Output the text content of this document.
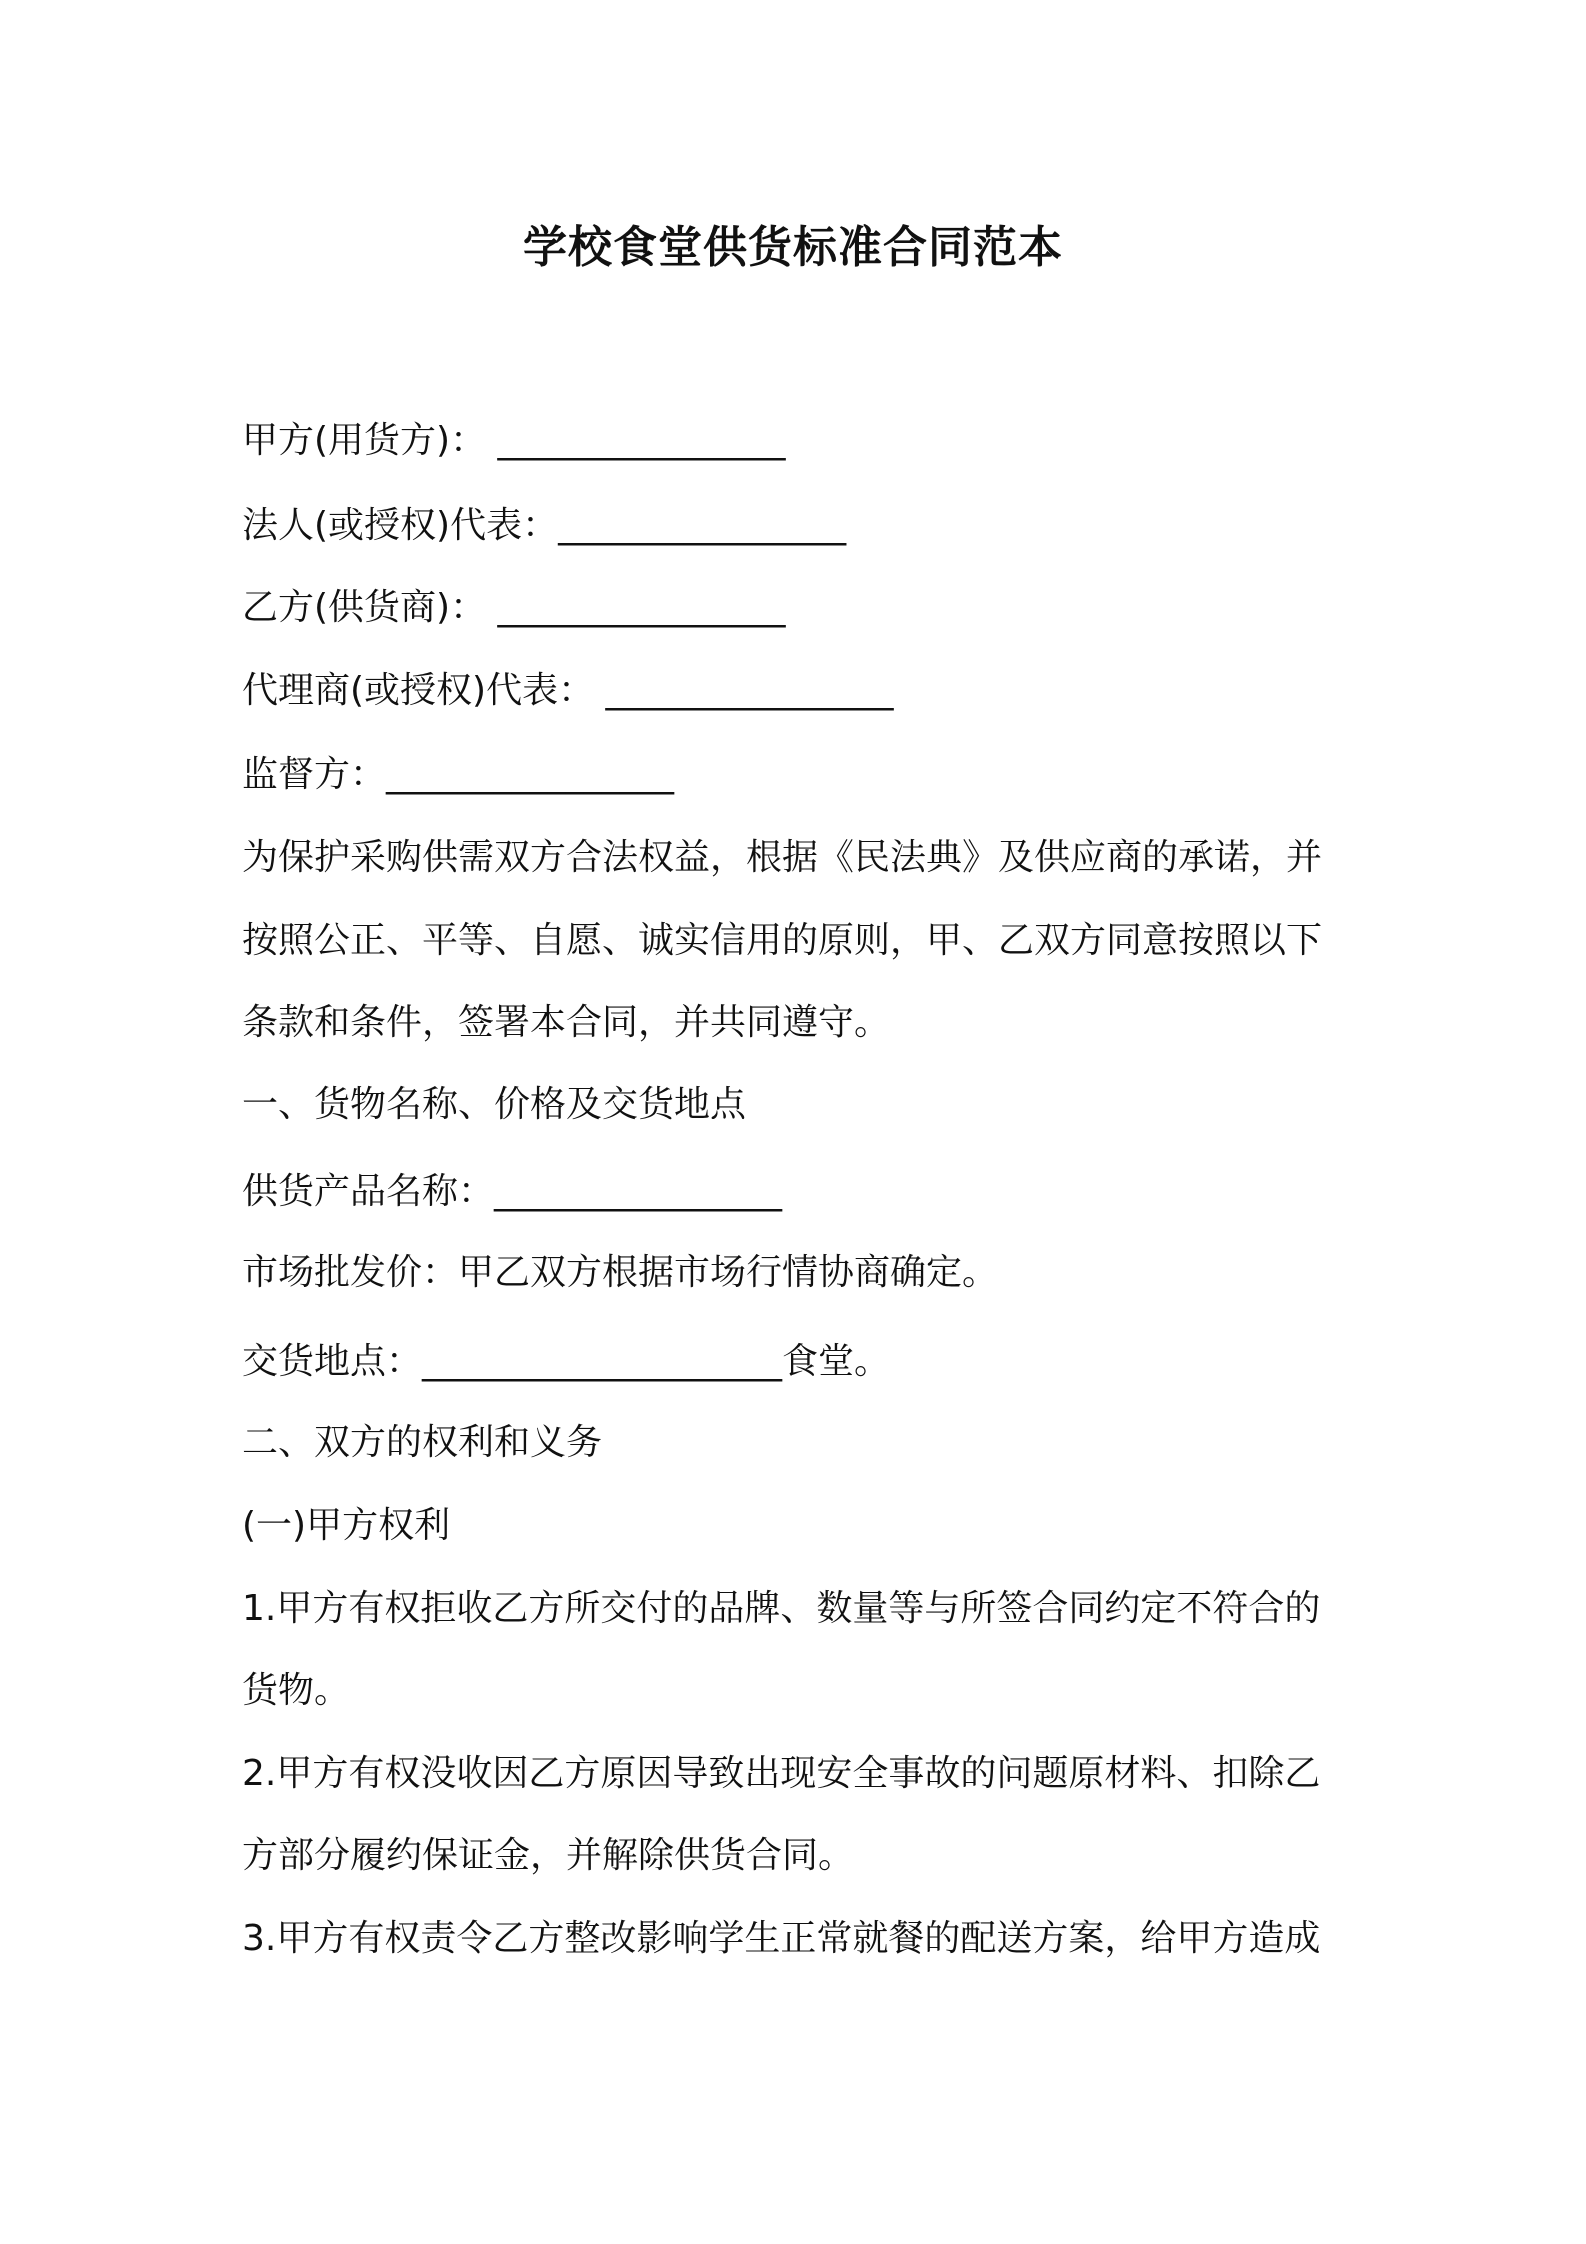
学校食堂供货标准合同范本
甲方(用货方)： ________________
法人(或授权)代表：________________
乙方(供货商)： ________________
代理商(或授权)代表： ________________
监督方：________________
为保护采购供需双方合法权益，根据《民法典》及供应商的承诺，并
按照公正、平等、自愿、诚实信用的原则，甲、乙双方同意按照以下
条款和条件，签署本合同，并共同遵守。
一、货物名称、价格及交货地点
供货产品名称：________________
市场批发价：甲乙双方根据市场行情协商确定。
交货地点：____________________食堂。
二、双方的权利和义务
(一)甲方权利
1.甲方有权拒收乙方所交付的品牌、数量等与所签合同约定不符合的
货物。
2.甲方有权没收因乙方原因导致出现安全事故的问题原材料、扣除乙
方部分履约保证金，并解除供货合同。
3.甲方有权责令乙方整改影响学生正常就餐的配送方案，给甲方造成
